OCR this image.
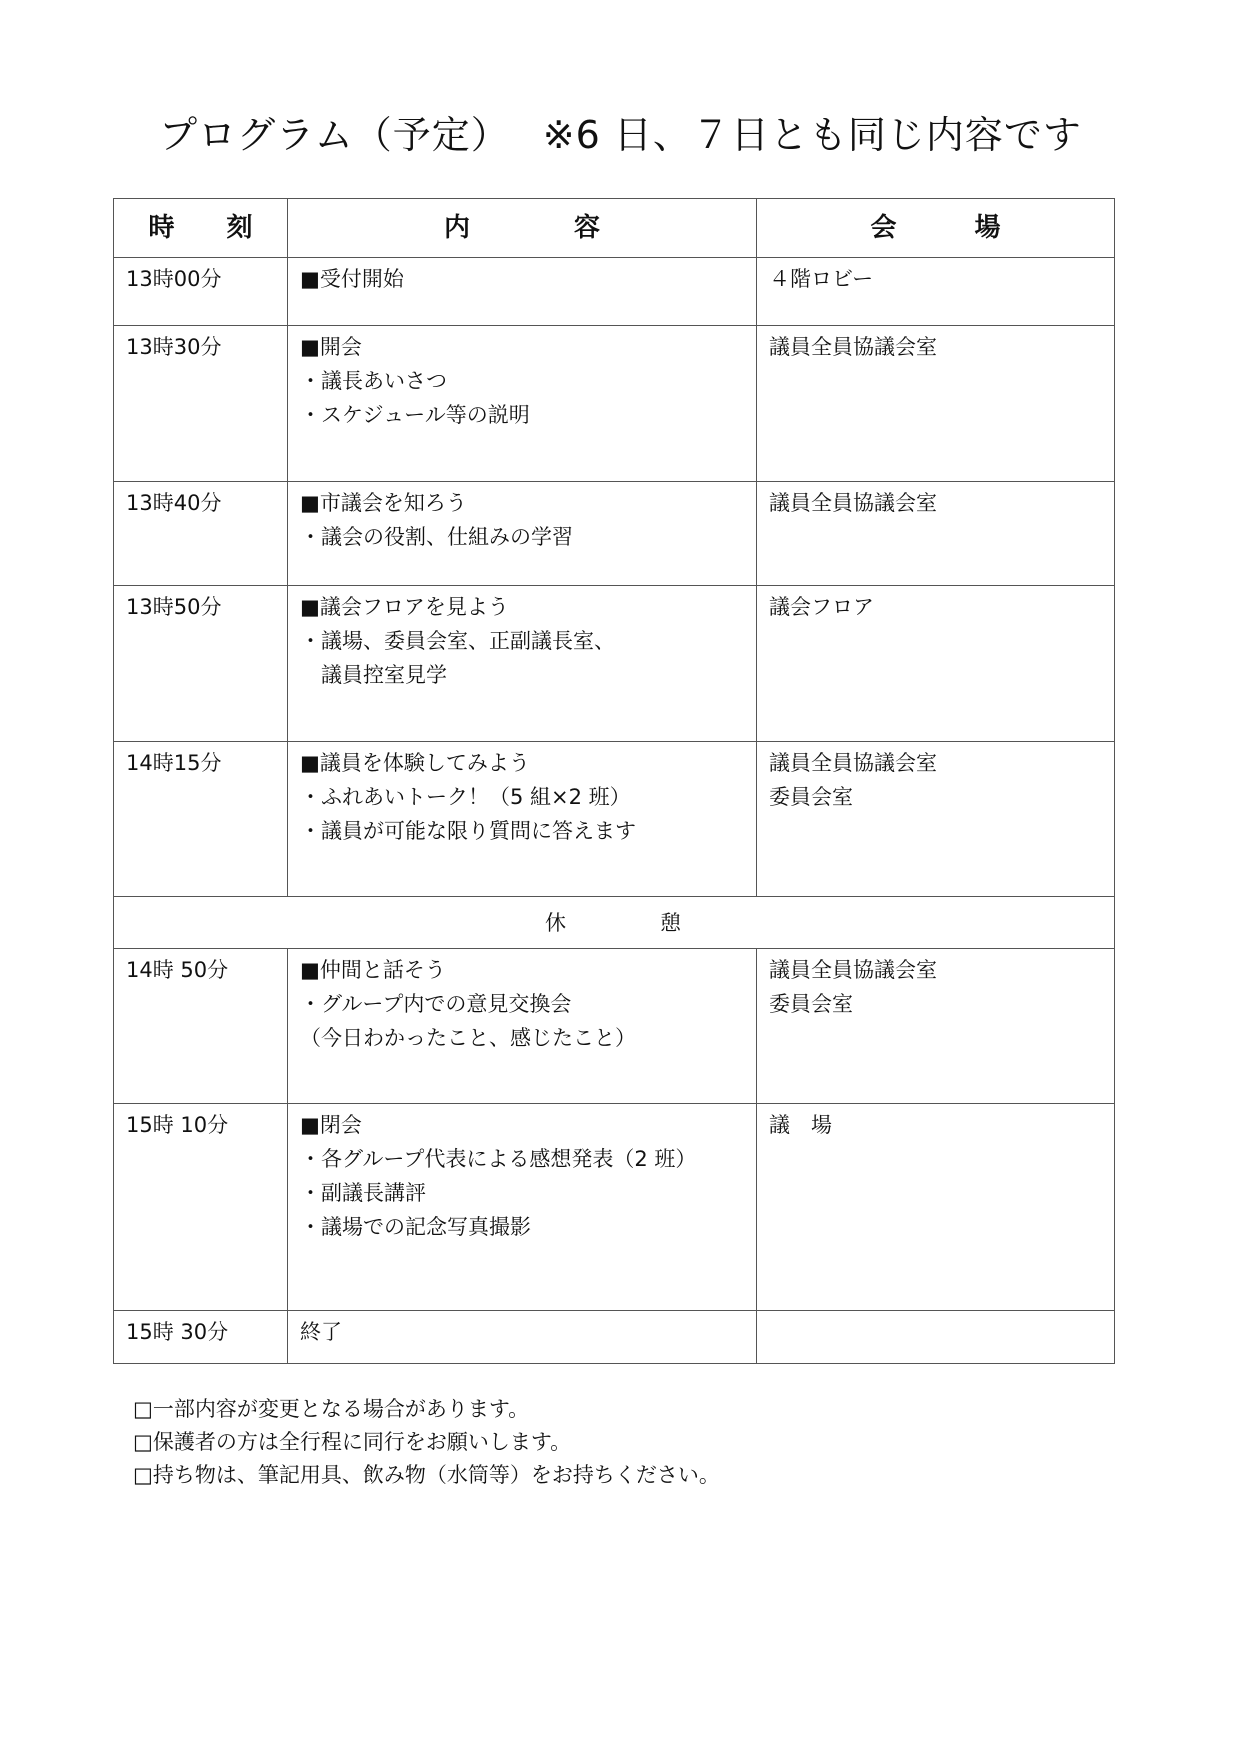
プログラム（予定）　 ※6 日、７日とも同じ内容です
時　　刻	内　　　　容	会　　　場
13時00分	■受付開始	４階ロビー

13時30分	■開会
・議長あいさつ
・スケジュール等の説明	議員全員協議会室

13時40分	■市議会を知ろう
・議会の役割、仕組みの学習	議員全員協議会室

13時50分	■議会フロアを見よう
・議場、委員会室、正副議長室、
　議員控室見学	議会フロア

14時15分	■議員を体験してみよう
・ふれあいトーク！（5 組×2 班）
・議員が可能な限り質問に答えます	議員全員協議会室
委員会室

休　　　　憩		
14時 50分	■仲間と話そう
・グループ内での意見交換会
（今日わかったこと、感じたこと）	議員全員協議会室
委員会室

15時 10分	■閉会
・各グループ代表による感想発表（2 班）
・副議長講評
・議場での記念写真撮影	議　場

15時 30分	終了	

□一部内容が変更となる場合があります。
□保護者の方は全行程に同行をお願いします。
□持ち物は、筆記用具、飲み物（水筒等）をお持ちください。
